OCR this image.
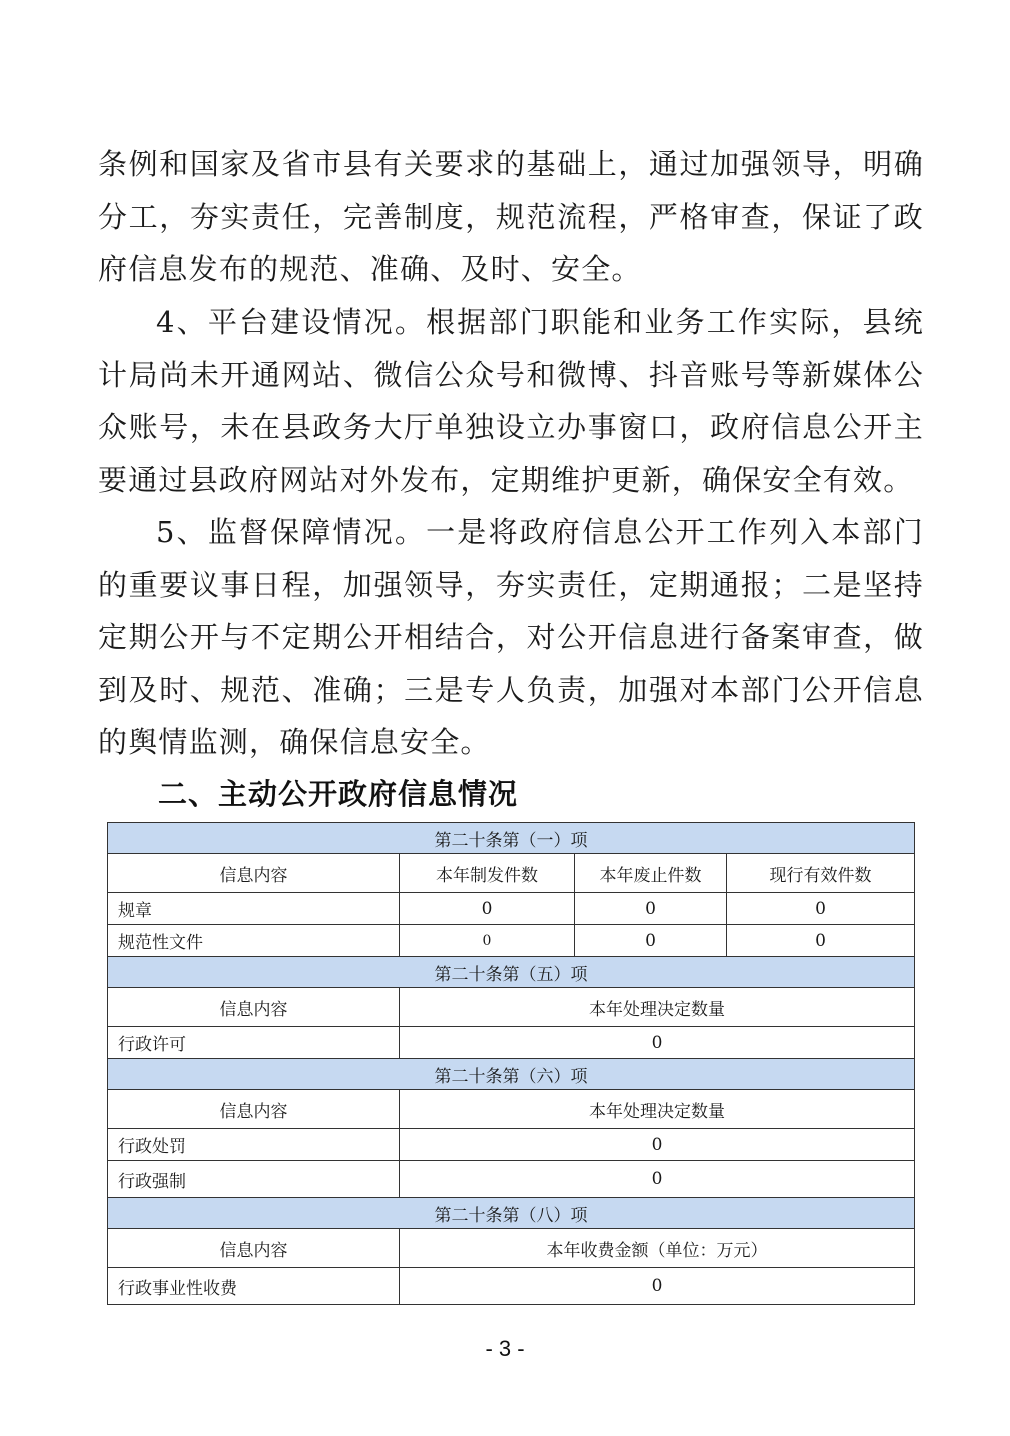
条例和国家及省市县有关要求的基础上，通过加强领导，明确分工，夯实责任，完善制度，规范流程，严格审查，保证了政府信息发布的规范、准确、及时、安全。

4、平台建设情况。根据部门职能和业务工作实际，县统计局尚未开通网站、微信公众号和微博、抖音账号等新媒体公众账号，未在县政务大厅单独设立办事窗口，政府信息公开主要通过县政府网站对外发布，定期维护更新，确保安全有效。

5、监督保障情况。一是将政府信息公开工作列入本部门的重要议事日程，加强领导，夯实责任，定期通报；二是坚持定期公开与不定期公开相结合，对公开信息进行备案审查，做到及时、规范、准确；三是专人负责，加强对本部门公开信息的舆情监测，确保信息安全。

二、主动公开政府信息情况
第二十条第（一）项			
信息内容	本年制发件数	本年废止件数	现行有效件数
规章	0	0	0
规范性文件	0	0	0
第二十条第（五）项			
信息内容	本年处理决定数量		
行政许可	0		
第二十条第（六）项			
信息内容	本年处理决定数量		
行政处罚	0		
行政强制	0		
第二十条第（八）项			
信息内容	本年收费金额（单位：万元）		
行政事业性收费	0		
- 3 -
